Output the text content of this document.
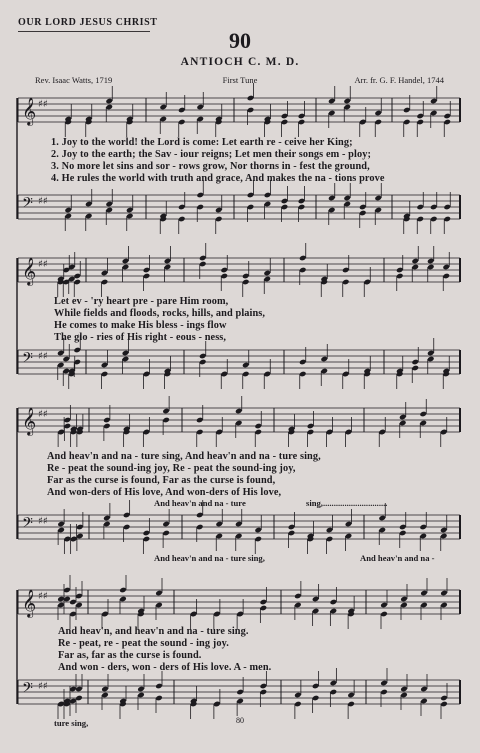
OUR LORD JESUS CHRIST
90
ANTIOCH C. M. D.
Rev. Isaac Watts, 1719	First Tune	Arr. fr. G. F. Handel, 1744
𝄞 ♯♯
𝄢 ♯♯
1. Joy to the world! the Lord is come: Let earth re - ceive her King;
2. Joy to the earth; the Sav - iour reigns; Let men their songs em - ploy;
3. No more let sins and sor - rows grow, Nor thorns in - fest the ground,
4. He rules the world with truth and grace, And makes the na - tions prove
𝄞 ♯♯
𝄢 ♯♯
Let ev - 'ry heart pre - pare Him room,
While fields and floods, rocks, hills, and plains,
He comes to make His bless - ings flow
The glo - ries of His right - eous - ness,
𝄞 ♯♯
𝄢 ♯♯
And heav'n and na - ture sing, And heav'n and na - ture sing,
Re - peat the sound-ing joy, Re - peat the sound-ing joy,
Far as the curse is found, Far as the curse is found,
And won-ders of His love, And won-ders of His love,
And heav'n and na - ture	sing,..............................
And heav'n and na - ture sing,	And heav'n and na -
𝄞 ♯♯
𝄢 ♯♯
And heav'n, and heav'n and na - ture sing.
Re - peat, re - peat the sound - ing joy.
Far as, far as the curse is found.
And won - ders, won - ders of His love. A - men.
ture sing,	80
